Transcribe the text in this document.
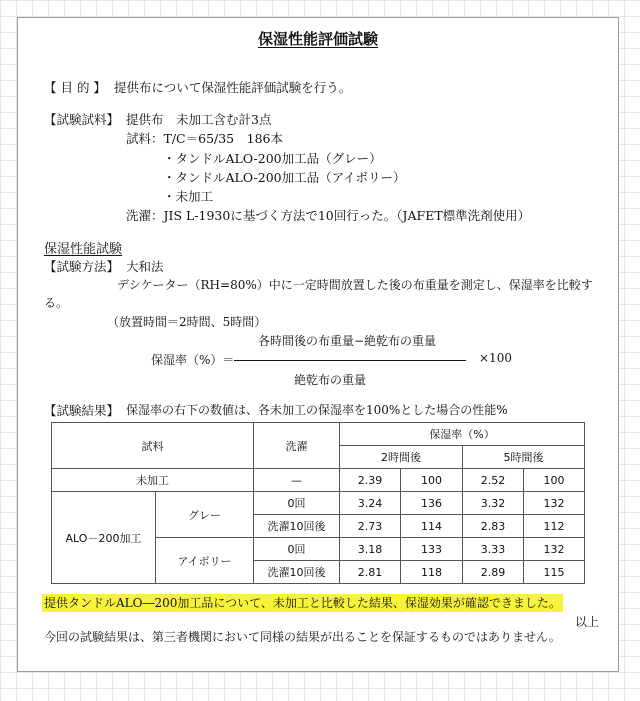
保湿性能評価試験
【 目 的 】 提供布について保湿性能評価試験を行う。
【試験試料】 提供布　未加工含む計3点
試料：T/C＝65/35　186本
・タンドルALO-200加工品（グレー）
・タンドルALO-200加工品（アイボリー）
・未加工
洗濯：JIS L-1930に基づく方法で10回行った。（JAFET標準洗剤使用）
保湿性能試験
【試験方法】 大和法
デシケーター（RH=80%）中に一定時間放置した後の布重量を測定し、保湿率を比較す
る。
（放置時間＝2時間、5時間）
各時間後の布重量−絶乾布の重量
保湿率（%）＝	×100
絶乾布の重量
【試験結果】 保湿率の右下の数値は、各未加工の保湿率を100%とした場合の性能%
試料		洗濯	保湿率（%）			
			2時間後		5時間後	
未加工		—	2.39	100	2.52	100
ALO－200加工	グレー	0回	3.24	136	3.32	132
		洗濯10回後	2.73	114	2.83	112
	アイボリー	0回	3.18	133	3.33	132
		洗濯10回後	2.81	118	2.89	115
提供タンドルALO―200加工品について、未加工と比較した結果、保湿効果が確認できました。
以上
今回の試験結果は、第三者機関において同様の結果が出ることを保証するものではありません。
